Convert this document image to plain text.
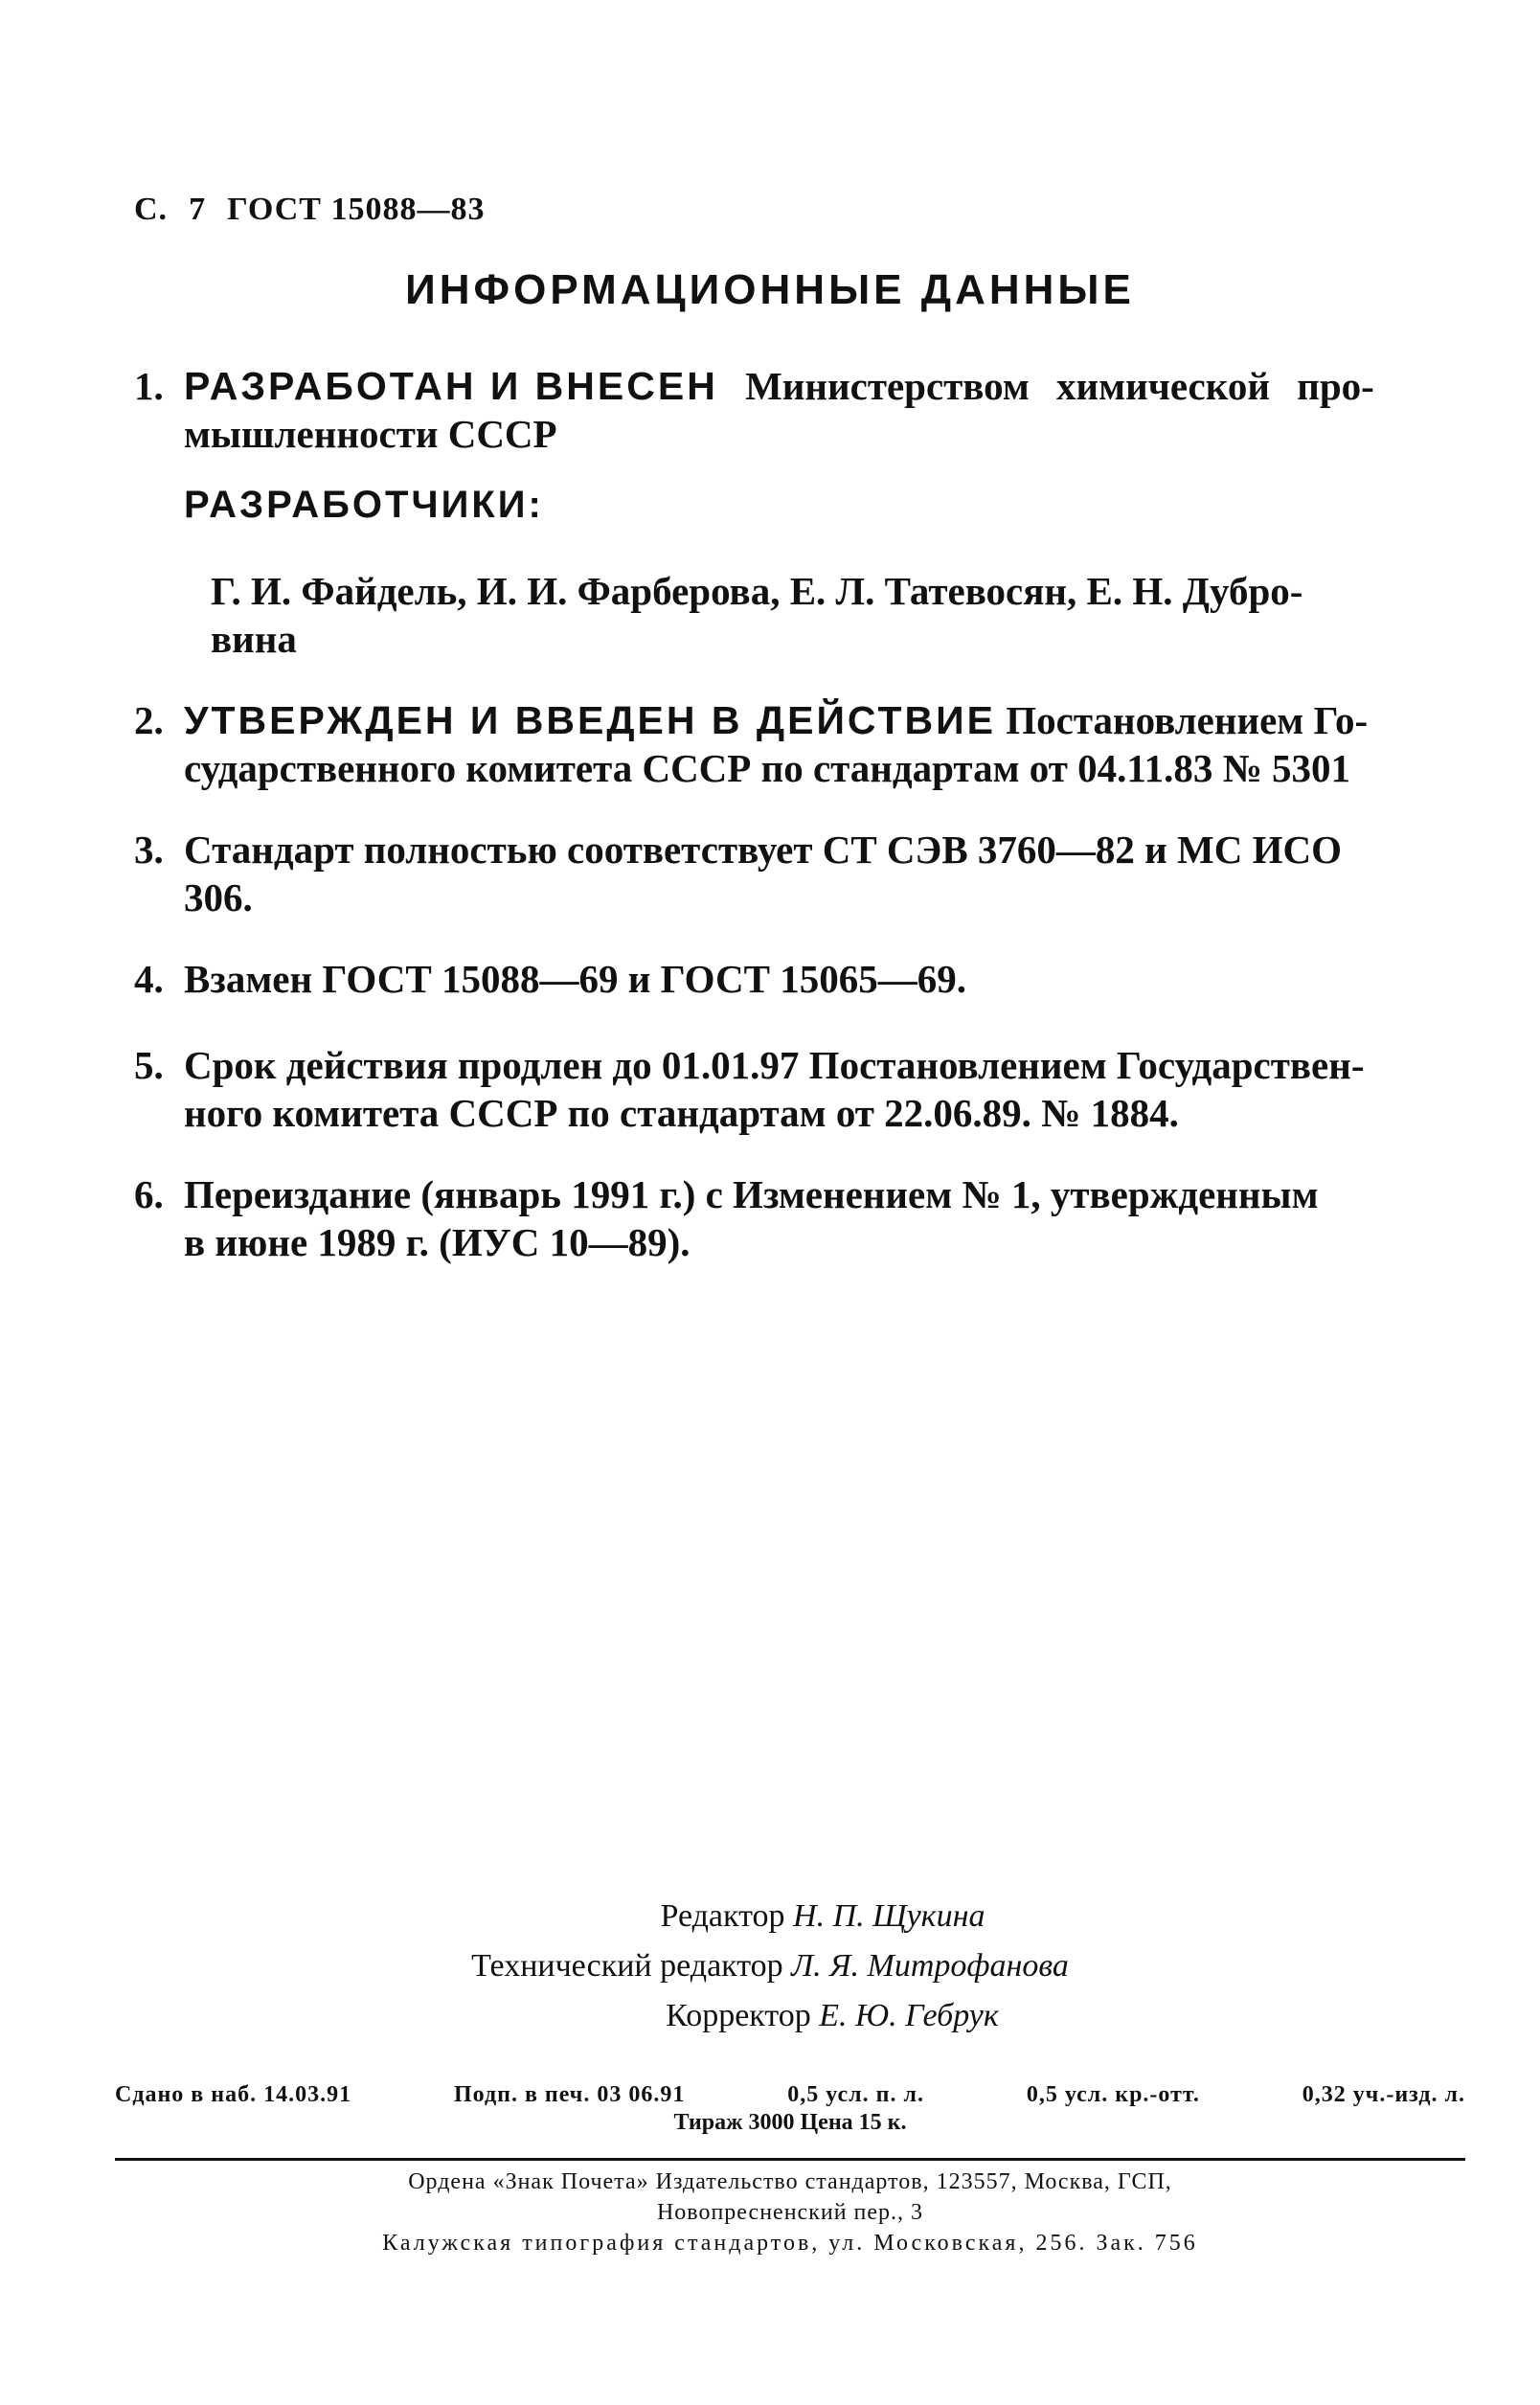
С. 7 ГОСТ 15088—83
ИНФОРМАЦИОННЫЕ ДАННЫЕ
1. РАЗРАБОТАН И ВНЕСЕН Министерством химической про-
мышленности СССР
РАЗРАБОТЧИКИ:
Г. И. Файдель, И. И. Фарберова, Е. Л. Татевосян, Е. Н. Дубро-
вина
2. УТВЕРЖДЕН И ВВЕДЕН В ДЕЙСТВИЕ Постановлением Го-
сударственного комитета СССР по стандартам от 04.11.83 № 5301
3. Стандарт полностью соответствует СТ СЭВ 3760—82 и МС ИСО
306.
4. Взамен ГОСТ 15088—69 и ГОСТ 15065—69.
5. Срок действия продлен до 01.01.97 Постановлением Государствен-
ного комитета СССР по стандартам от 22.06.89. № 1884.
6. Переиздание (январь 1991 г.) с Изменением № 1, утвержденным
в июне 1989 г. (ИУС 10—89).
Редактор Н. П. Щукина
Технический редактор Л. Я. Митрофанова
Корректор Е. Ю. Гебрук
Сдано в наб. 14.03.91	Подп. в печ. 03 06.91	0,5 усл. п. л.	0,5 усл. кр.-отт.	0,32 уч.-изд. л.
Тираж 3000 Цена 15 к.
Ордена «Знак Почета» Издательство стандартов, 123557, Москва, ГСП,
Новопресненский пер., 3
Калужская типография стандартов, ул. Московская, 256. Зак. 756
